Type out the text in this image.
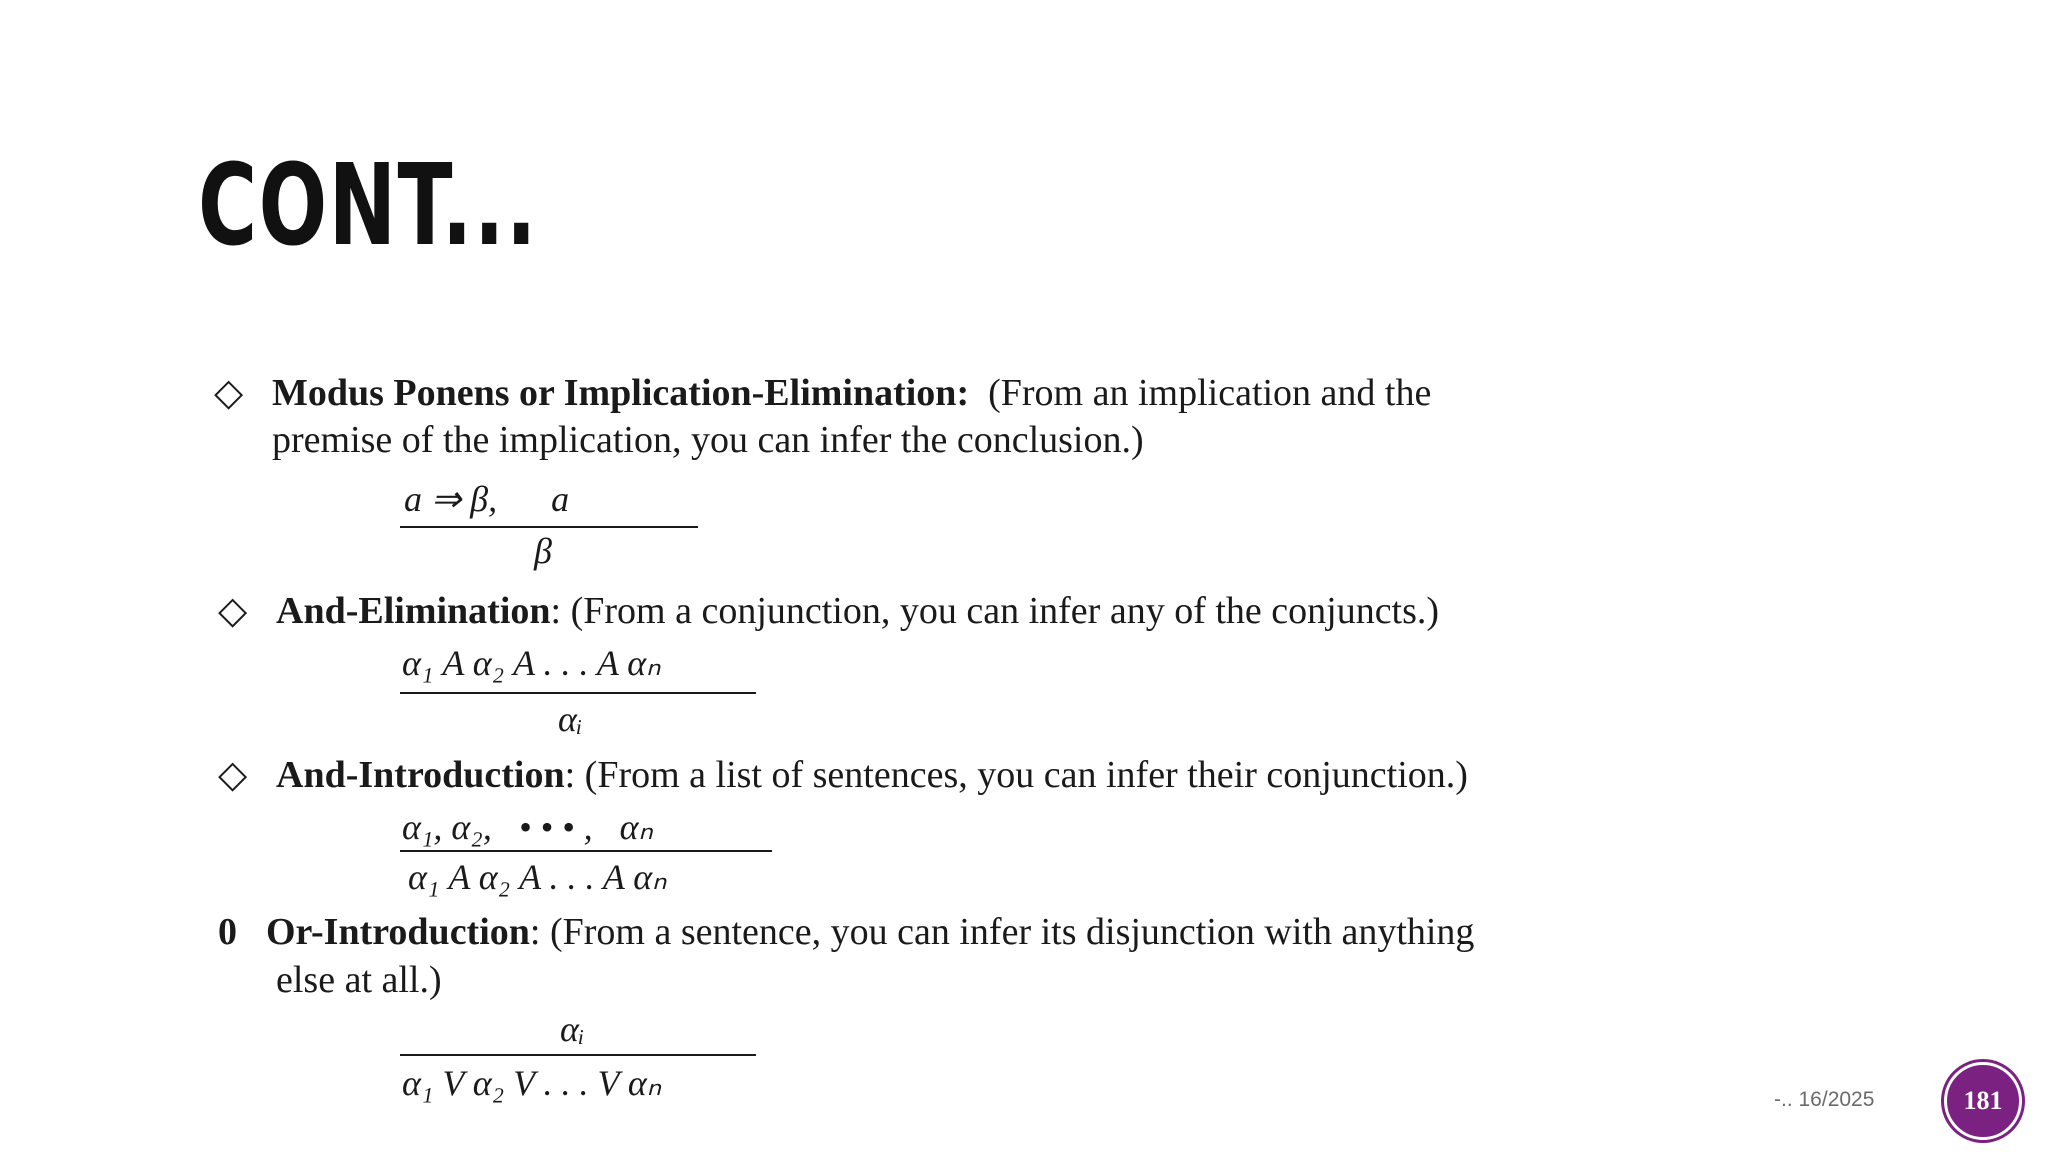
CONT...
◇ Modus Ponens or Implication-Elimination: (From an implication and the
premise of the implication, you can infer the conclusion.)
a ⇒ β,      a
β
◇ And-Elimination: (From a conjunction, you can infer any of the conjuncts.)
α₁ A α₂ A . . . A αₙ
αᵢ
◇ And-Introduction: (From a list of sentences, you can infer their conjunction.)
α₁, α₂,   • • • ,   αₙ
α₁ A α₂ A . . . A αₙ
0 Or-Introduction: (From a sentence, you can infer its disjunction with anything
else at all.)
αᵢ
α₁ V α₂ V . . . V αₙ	-.. 16/2025	181
